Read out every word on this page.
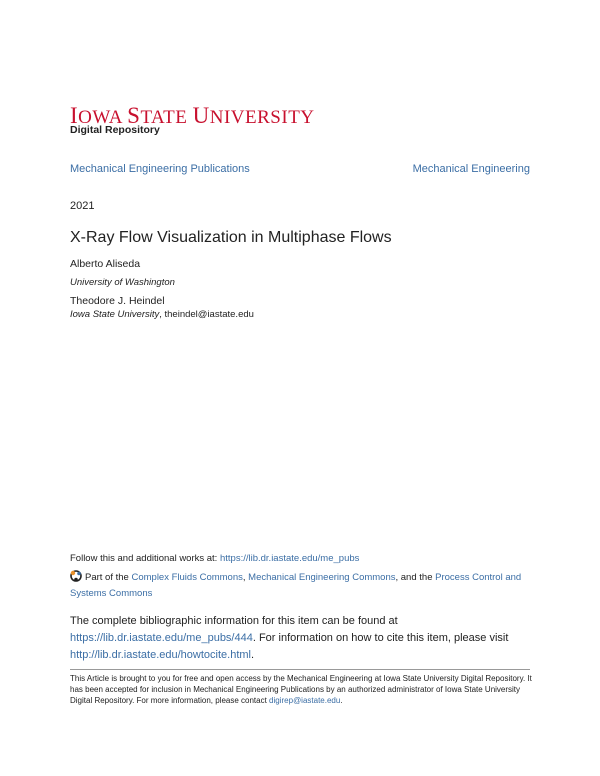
IOWA STATE UNIVERSITY
Digital Repository
Mechanical Engineering Publications	Mechanical Engineering
2021
X-Ray Flow Visualization in Multiphase Flows
Alberto Aliseda
University of Washington
Theodore J. Heindel
Iowa State University, theindel@iastate.edu
Follow this and additional works at: https://lib.dr.iastate.edu/me_pubs
Part of the Complex Fluids Commons, Mechanical Engineering Commons, and the Process Control and Systems Commons
The complete bibliographic information for this item can be found at https://lib.dr.iastate.edu/me_pubs/444. For information on how to cite this item, please visit http://lib.dr.iastate.edu/howtocite.html.
This Article is brought to you for free and open access by the Mechanical Engineering at Iowa State University Digital Repository. It has been accepted for inclusion in Mechanical Engineering Publications by an authorized administrator of Iowa State University Digital Repository. For more information, please contact digirep@iastate.edu.
